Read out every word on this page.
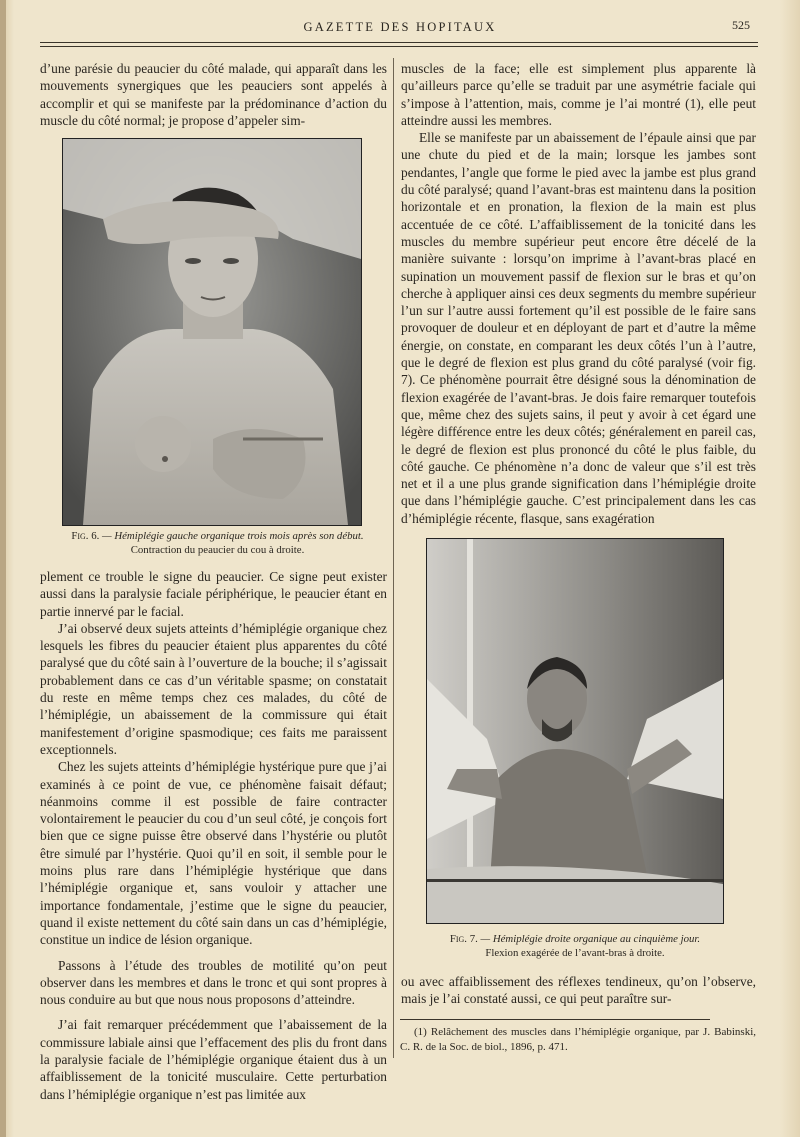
GAZETTE DES HOPITAUX	525

d’une parésie du peaucier du côté malade, qui apparaît dans les mouvements synergiques que les peauciers sont appelés à accomplir et qui se manifeste par la prédominance d’action du muscle du côté normal; je propose d’appeler sim-

Fig. 6. — Hémiplégie gauche organique trois mois après son début.
Contraction du peaucier du cou à droite.

plement ce trouble le signe du peaucier. Ce signe peut exister aussi dans la paralysie faciale périphérique, le peaucier étant en partie innervé par le facial.

J’ai observé deux sujets atteints d’hémiplégie organique chez lesquels les fibres du peaucier étaient plus apparentes du côté paralysé que du côté sain à l’ouverture de la bouche; il s’agissait probablement dans ce cas d’un véritable spasme; on constatait du reste en même temps chez ces malades, du côté de l’hémiplégie, un abaissement de la commissure qui était manifestement d’origine spasmodique; ces faits me paraissent exceptionnels.

Chez les sujets atteints d’hémiplégie hystérique pure que j’ai examinés à ce point de vue, ce phénomène faisait défaut; néanmoins comme il est possible de faire contracter volontairement le peaucier du cou d’un seul côté, je conçois fort bien que ce signe puisse être observé dans l’hystérie ou plutôt être simulé par l’hystérie. Quoi qu’il en soit, il semble pour le moins plus rare dans l’hémiplégie hystérique que dans l’hémiplégie organique et, sans vouloir y attacher une importance fondamentale, j’estime que le signe du peaucier, quand il existe nettement du côté sain dans un cas d’hémiplégie, constitue un indice de lésion organique.

Passons à l’étude des troubles de motilité qu’on peut observer dans les membres et dans le tronc et qui sont propres à nous conduire au but que nous nous proposons d’atteindre.

J’ai fait remarquer précédemment que l’abaissement de la commissure labiale ainsi que l’effacement des plis du front dans la paralysie faciale de l’hémiplégie organique étaient dus à un affaiblissement de la tonicité musculaire. Cette perturbation dans l’hémiplégie organique n’est pas limitée aux

muscles de la face; elle est simplement plus apparente là qu’ailleurs parce qu’elle se traduit par une asymétrie faciale qui s’impose à l’attention, mais, comme je l’ai montré (1), elle peut atteindre aussi les membres.

Elle se manifeste par un abaissement de l’épaule ainsi que par une chute du pied et de la main; lorsque les jambes sont pendantes, l’angle que forme le pied avec la jambe est plus grand du côté paralysé; quand l’avant-bras est maintenu dans la position horizontale et en pronation, la flexion de la main est plus accentuée de ce côté. L’affaiblissement de la tonicité dans les muscles du membre supérieur peut encore être décelé de la manière suivante : lorsqu’on imprime à l’avant-bras placé en supination un mouvement passif de flexion sur le bras et qu’on cherche à appliquer ainsi ces deux segments du membre supérieur l’un sur l’autre aussi fortement qu’il est possible de le faire sans provoquer de douleur et en déployant de part et d’autre la même énergie, on constate, en comparant les deux côtés l’un à l’autre, que le degré de flexion est plus grand du côté paralysé (voir fig. 7). Ce phénomène pourrait être désigné sous la dénomination de flexion exagérée de l’avant-bras. Je dois faire remarquer toutefois que, même chez des sujets sains, il peut y avoir à cet égard une légère différence entre les deux côtés; généralement en pareil cas, le degré de flexion est plus prononcé du côté le plus faible, du côté gauche. Ce phénomène n’a donc de valeur que s’il est très net et il a une plus grande signification dans l’hémiplégie droite que dans l’hémiplégie gauche. C’est principalement dans les cas d’hémiplégie récente, flasque, sans exagération

Fig. 7. — Hémiplégie droite organique au cinquième jour.
Flexion exagérée de l’avant-bras à droite.

ou avec affaiblissement des réflexes tendineux, qu’on l’observe, mais je l’ai constaté aussi, ce qui peut paraître sur-

(1) Relâchement des muscles dans l’hémiplégie organique, par J. Babinski, C. R. de la Soc. de biol., 1896, p. 471.
